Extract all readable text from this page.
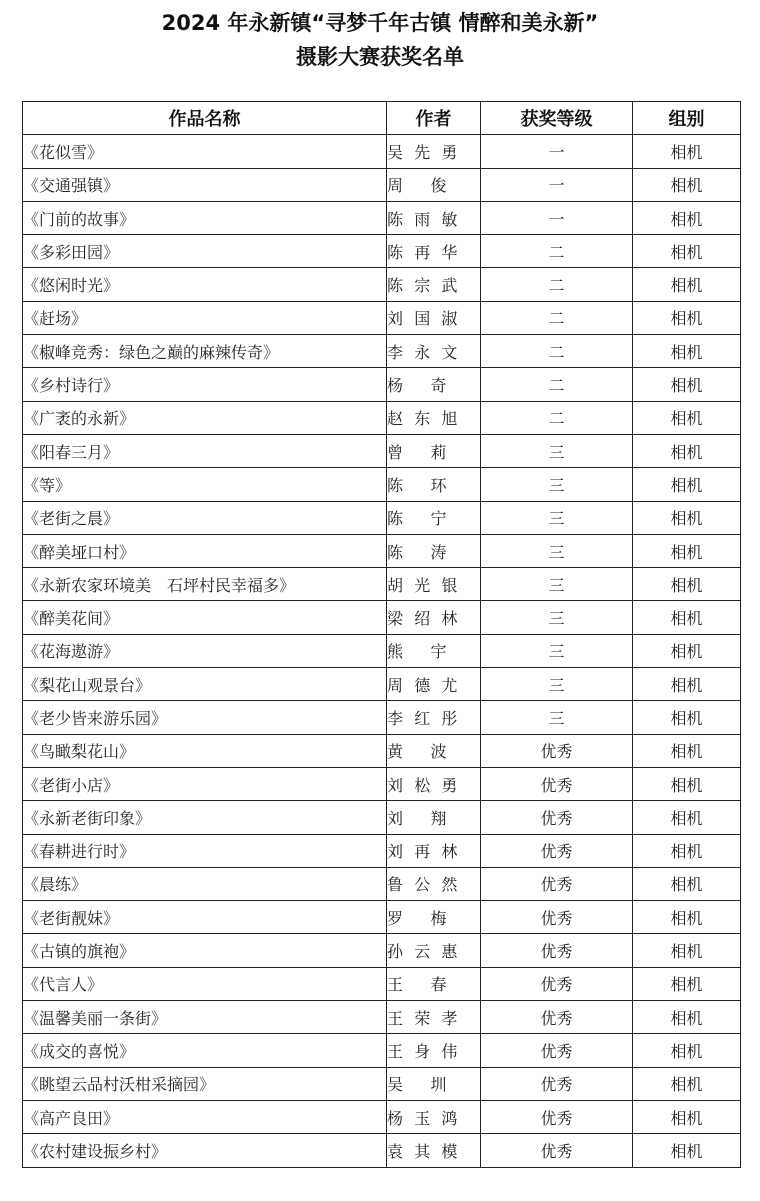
2024 年永新镇“寻梦千年古镇 情醉和美永新”
摄影大赛获奖名单
作品名称	作者	获奖等级	组别
《花似雪》	吴先勇	一	相机
《交通强镇》	周 俊	一	相机
《门前的故事》	陈雨敏	一	相机
《多彩田园》	陈再华	二	相机
《悠闲时光》	陈宗武	二	相机
《赶场》	刘国淑	二	相机
《椒峰竞秀：绿色之巅的麻辣传奇》	李永文	二	相机
《乡村诗行》	杨 奇	二	相机
《广袤的永新》	赵东旭	二	相机
《阳春三月》	曾 莉	三	相机
《等》	陈 环	三	相机
《老街之晨》	陈 宁	三	相机
《醉美垭口村》	陈 涛	三	相机
《永新农家环境美　石坪村民幸福多》	胡光银	三	相机
《醉美花间》	梁绍林	三	相机
《花海遨游》	熊 宇	三	相机
《梨花山观景台》	周德尤	三	相机
《老少皆来游乐园》	李红彤	三	相机
《鸟瞰梨花山》	黄 波	优秀	相机
《老街小店》	刘松勇	优秀	相机
《永新老街印象》	刘 翔	优秀	相机
《春耕进行时》	刘再林	优秀	相机
《晨练》	鲁公然	优秀	相机
《老街靓妹》	罗 梅	优秀	相机
《古镇的旗袍》	孙云惠	优秀	相机
《代言人》	王 春	优秀	相机
《温馨美丽一条街》	王荣孝	优秀	相机
《成交的喜悦》	王身伟	优秀	相机
《眺望云品村沃柑采摘园》	吴 圳	优秀	相机
《高产良田》	杨玉鸿	优秀	相机
《农村建设振乡村》	袁其模	优秀	相机
